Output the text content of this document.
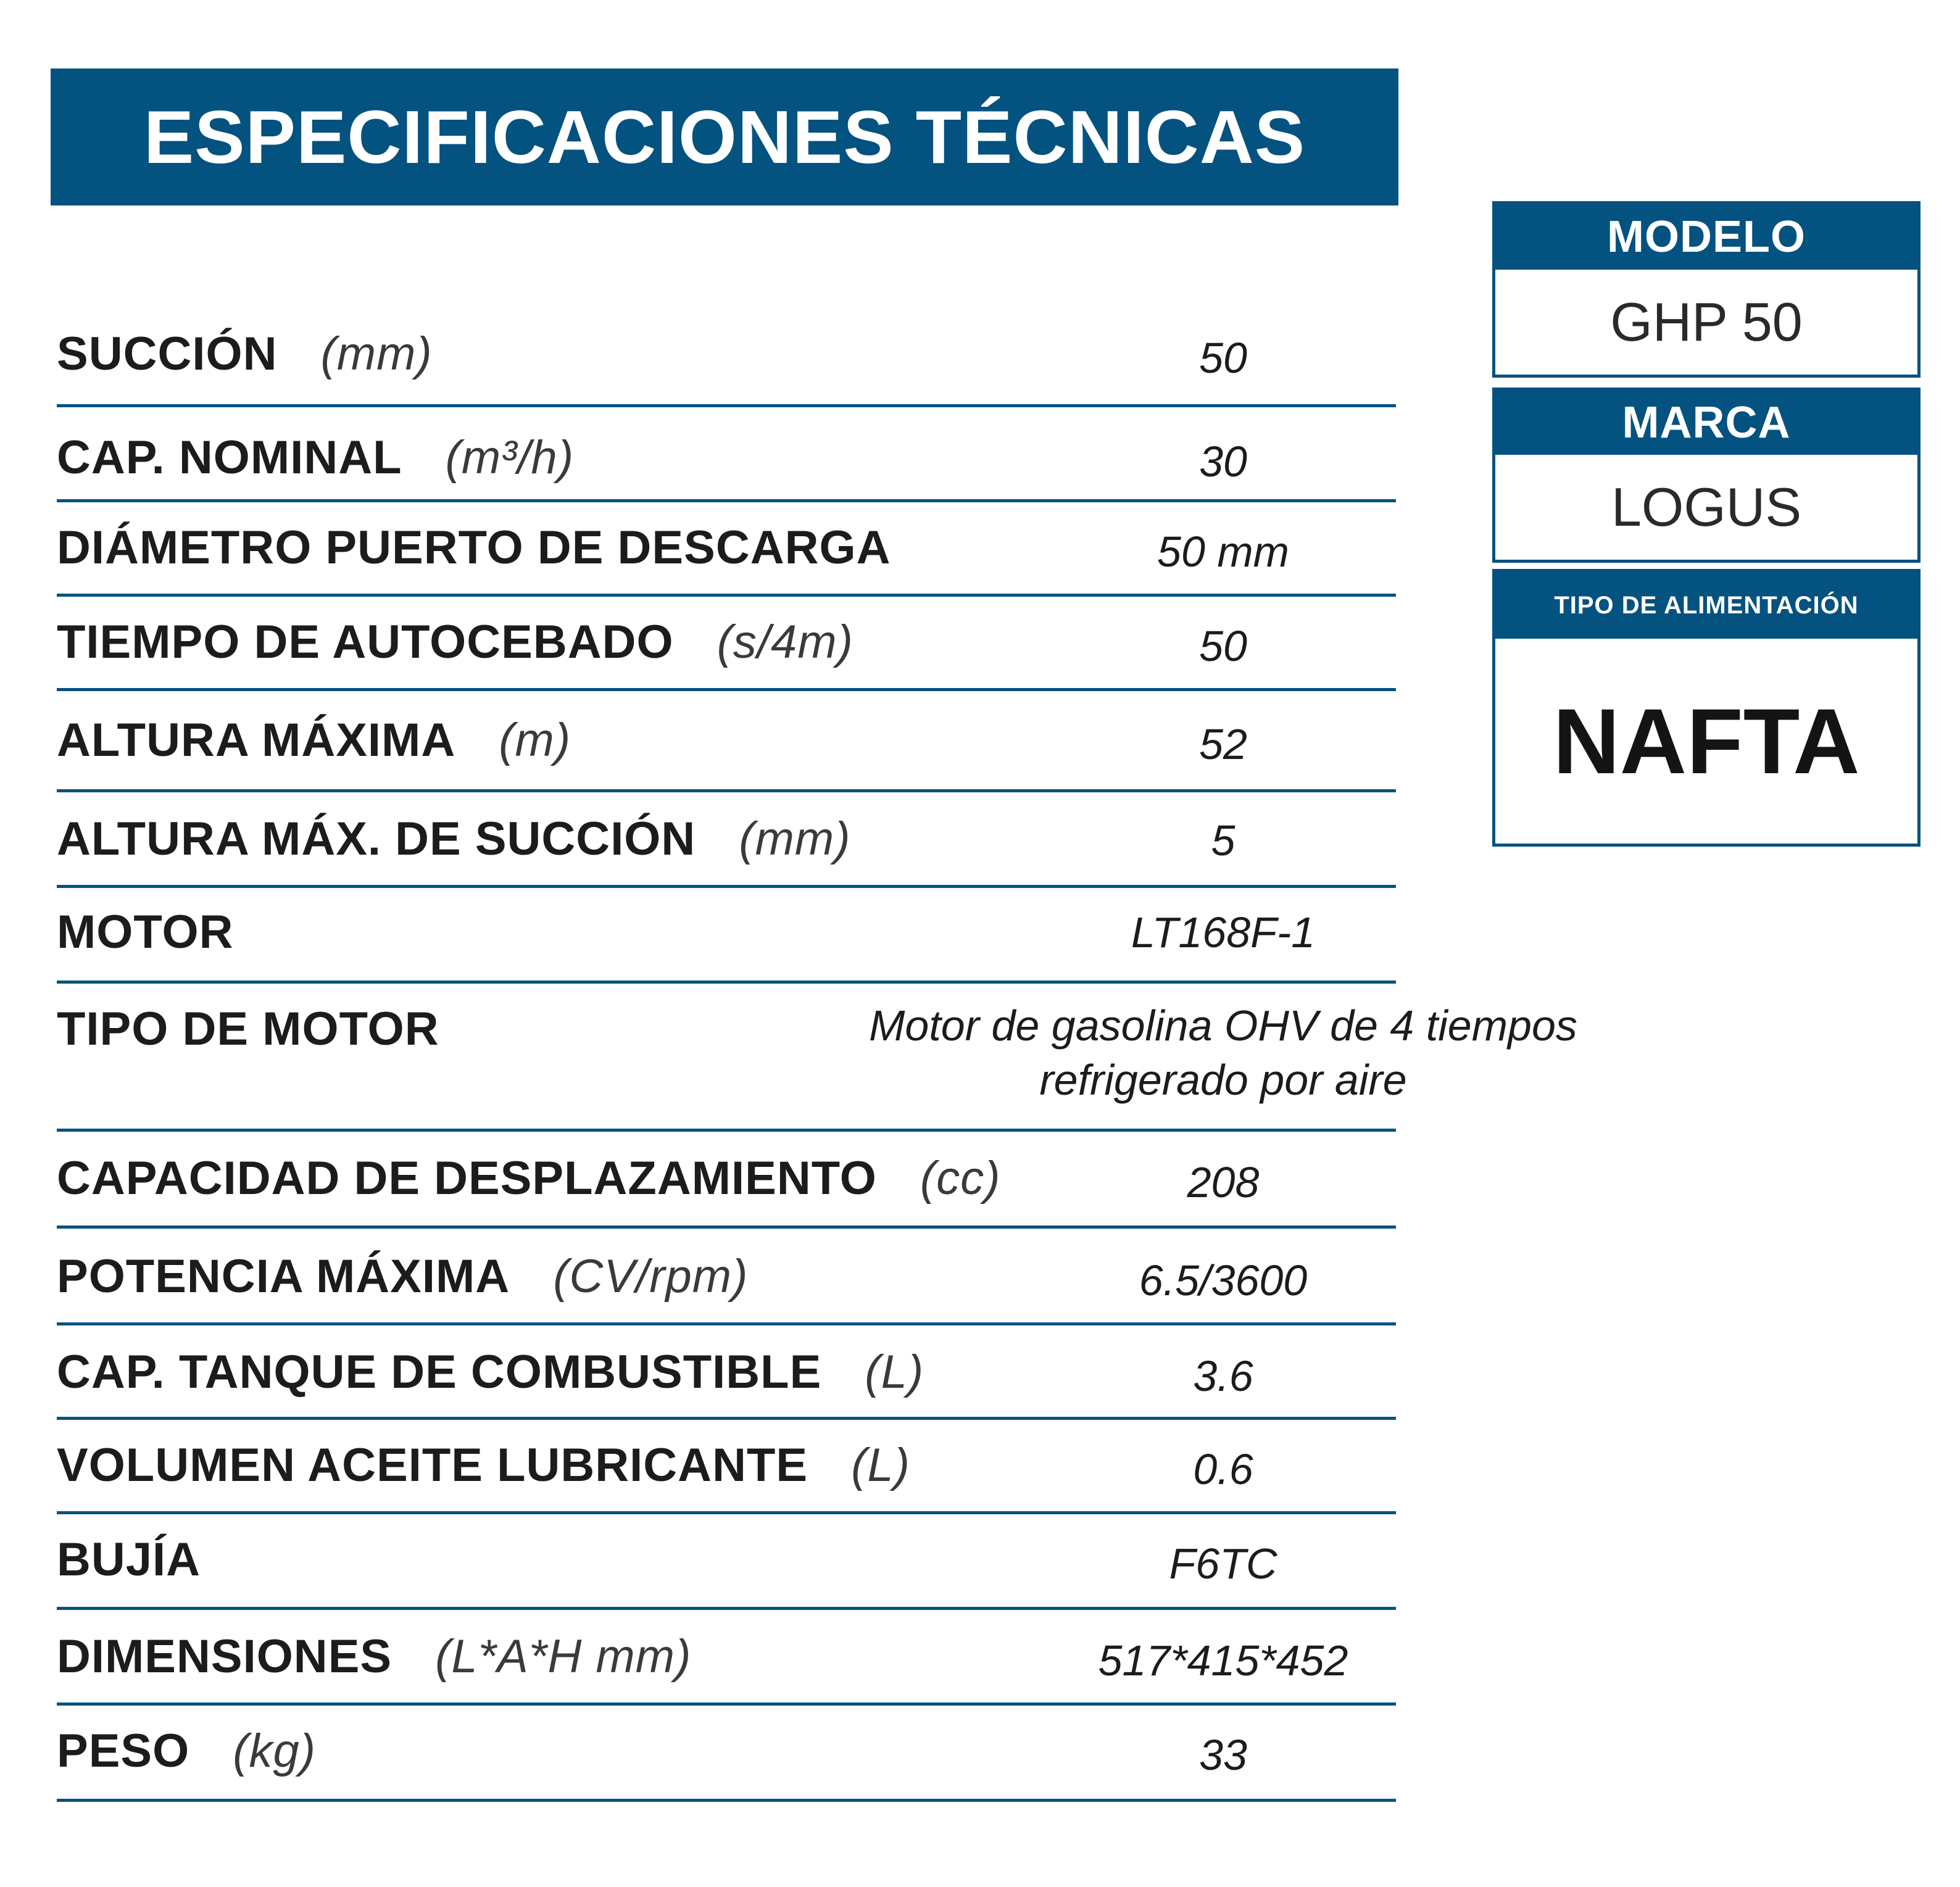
ESPECIFICACIONES TÉCNICAS
SUCCIÓN (mm)	50
CAP. NOMINAL (m³/h)	30
DIÁMETRO PUERTO DE DESCARGA	50 mm
TIEMPO DE AUTOCEBADO (s/4m)	50
ALTURA MÁXIMA (m)	52
ALTURA MÁX. DE SUCCIÓN (mm)	5
MOTOR	LT168F-1
TIPO DE MOTOR	Motor de gasolina OHV de 4 tiempos refrigerado por aire
CAPACIDAD DE DESPLAZAMIENTO (cc)	208
POTENCIA MÁXIMA (CV/rpm)	6.5/3600
CAP. TANQUE DE COMBUSTIBLE (L)	3.6
VOLUMEN ACEITE LUBRICANTE (L)	0.6
BUJÍA	F6TC
DIMENSIONES (L*A*H mm)	517*415*452
PESO (kg)	33
MODELO
GHP 50
MARCA
LOGUS
TIPO DE ALIMENTACIÓN
NAFTA
